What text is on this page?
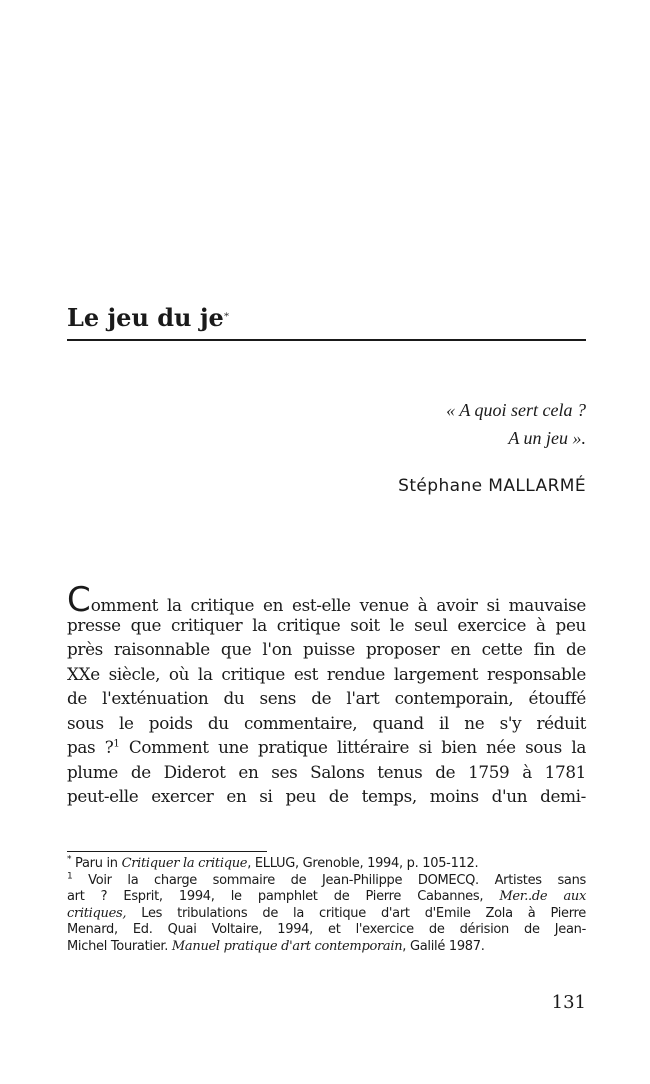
Le jeu du je*
« A quoi sert cela ?
A un jeu ».
Stéphane MALLARMÉ
Comment la critique en est-elle venue à avoir si mauvaise
presse que critiquer la critique soit le seul exercice à peu
près raisonnable que l'on puisse proposer en cette fin de
XXe siècle, où la critique est rendue largement responsable
de l'exténuation du sens de l'art contemporain, étouffé
sous le poids du commentaire, quand il ne s'y réduit
pas ?$^1$ Comment une pratique littéraire si bien née sous la
plume de Diderot en ses Salons tenus de 1759 à 1781
peut-elle exercer en si peu de temps, moins d'un demi-
* Paru in Critiquer la critique, ELLUG, Grenoble, 1994, p. 105-112.
$^1$ Voir la charge sommaire de Jean-Philippe DOMECQ. Artistes sans
art ? Esprit, 1994, le pamphlet de Pierre Cabannes, Mer..de aux
critiques, Les tribulations de la critique d'art d'Emile Zola à Pierre
Menard, Ed. Quai Voltaire, 1994, et l'exercice de dérision de Jean-
Michel Touratier. Manuel pratique d'art contemporain, Galilé 1987.
131
